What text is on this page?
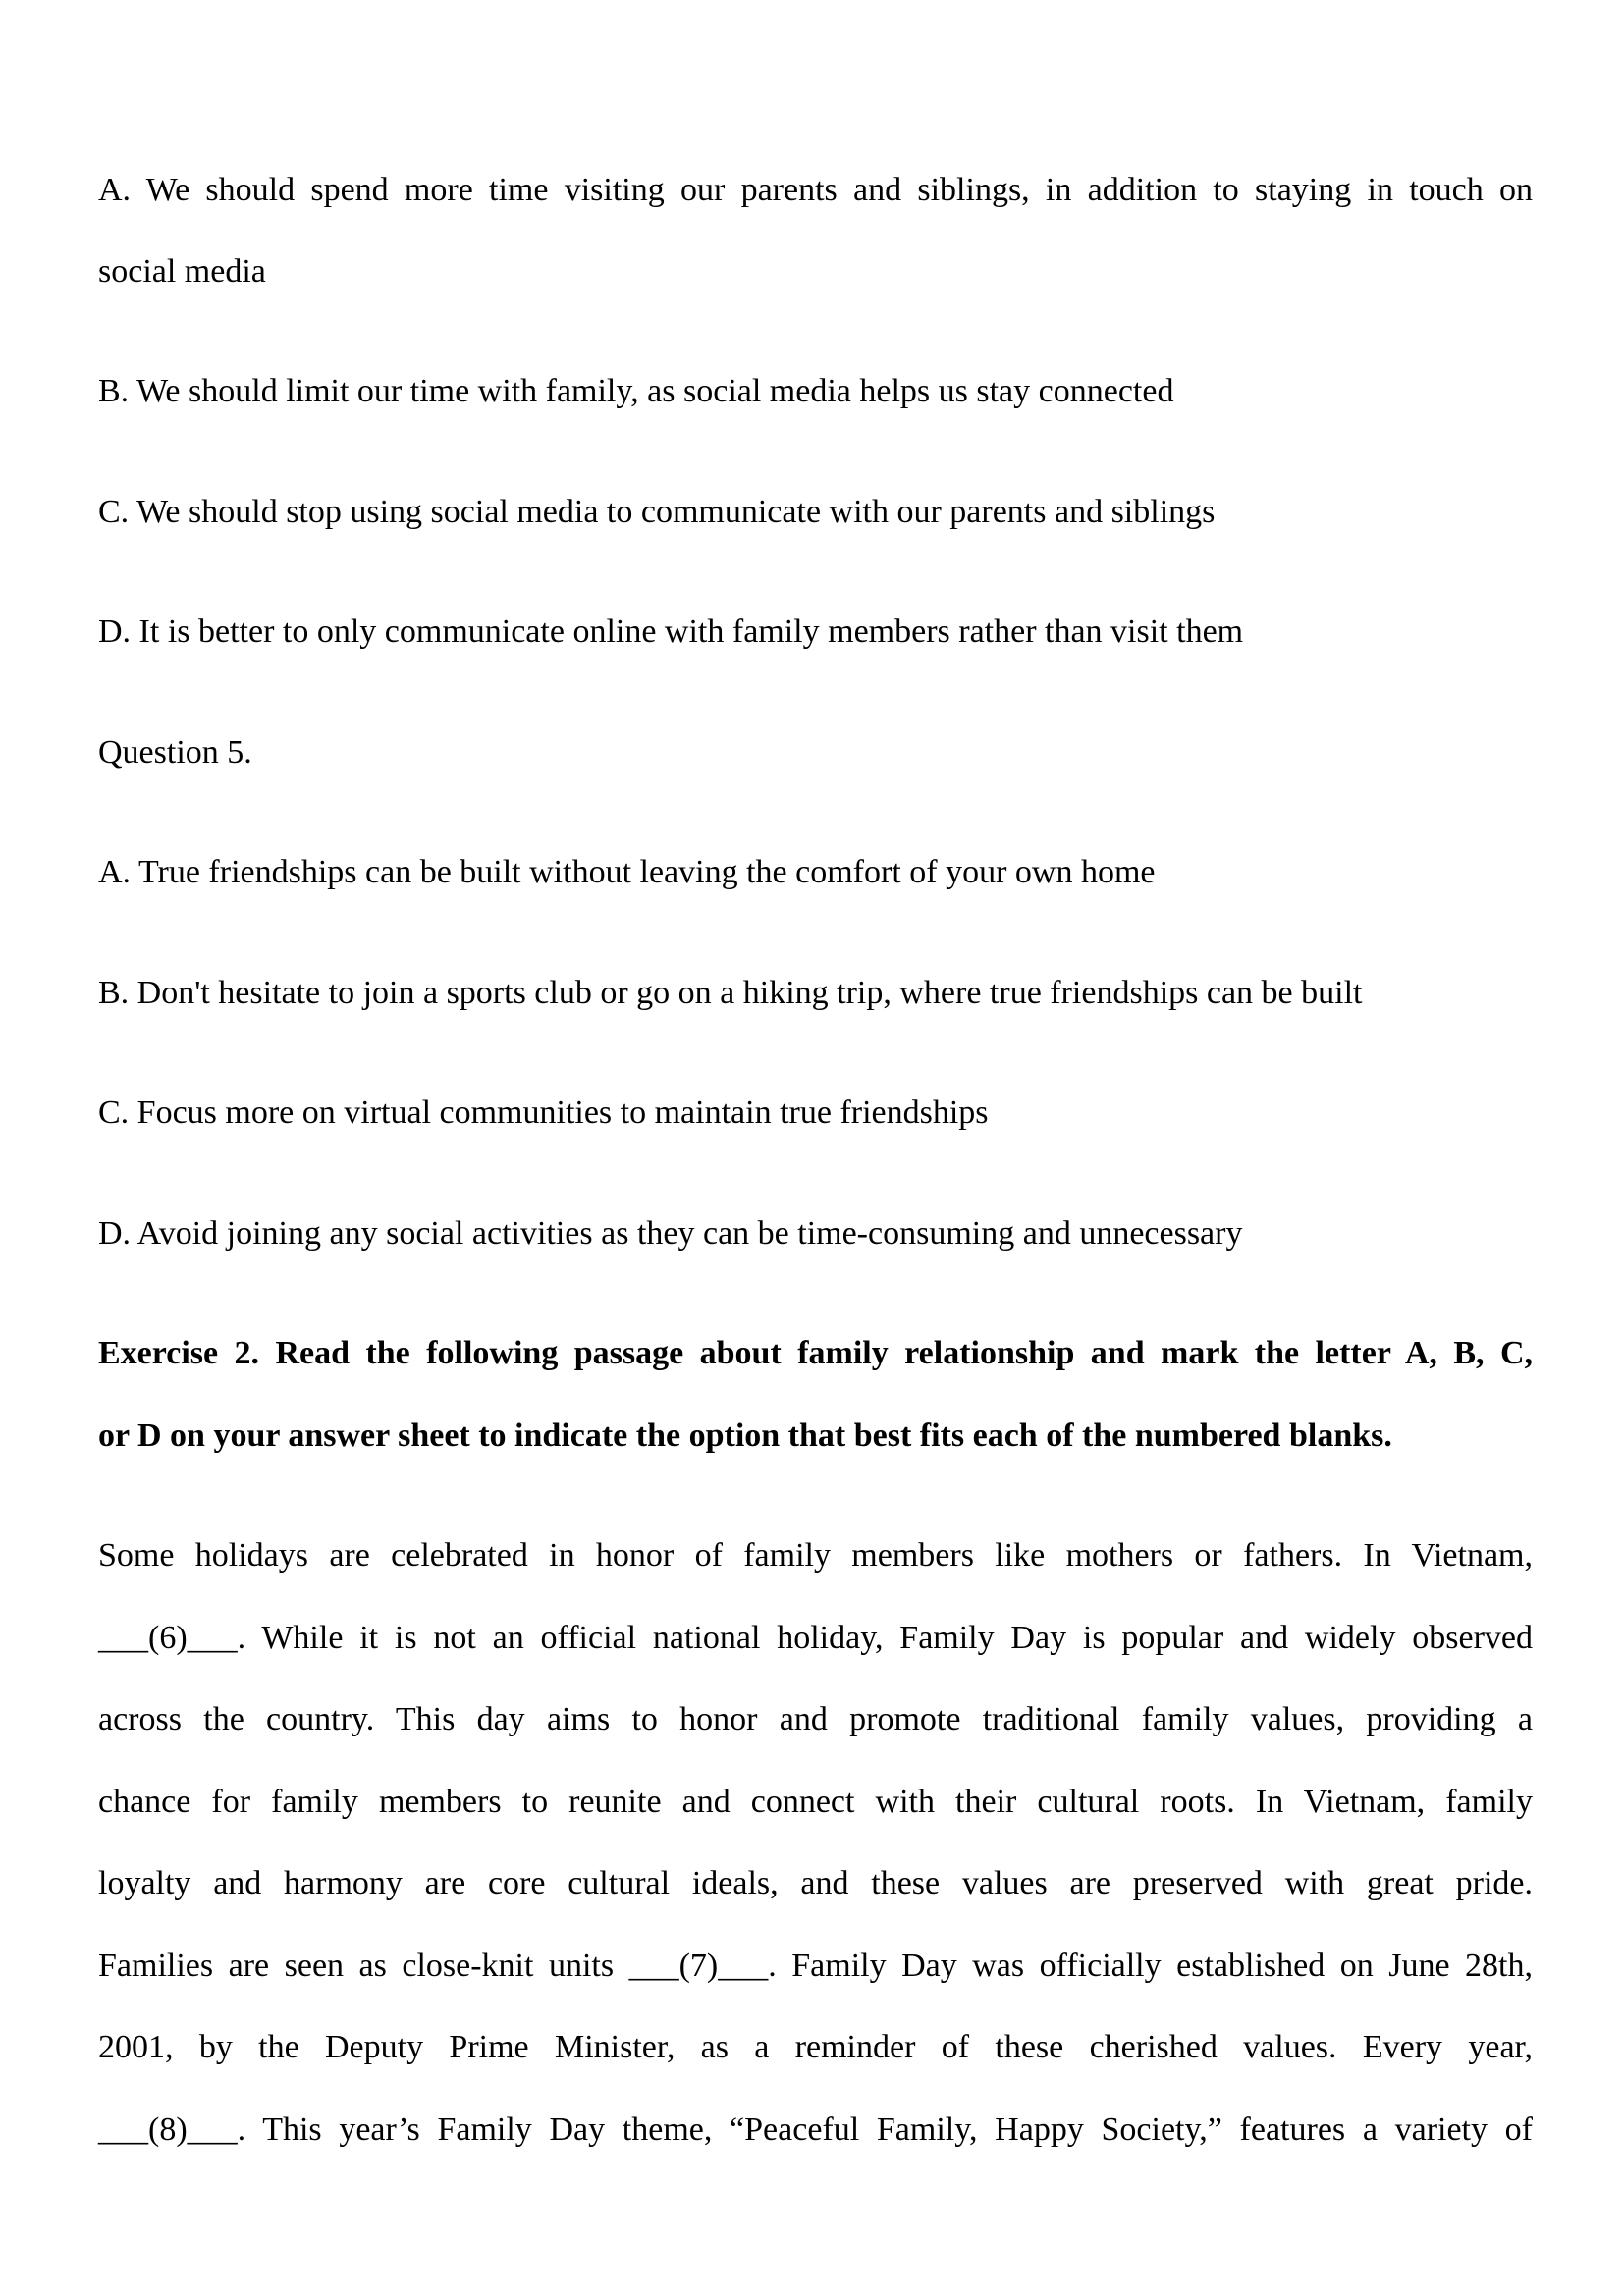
A. We should spend more time visiting our parents and siblings, in addition to staying in touch on
social media
B. We should limit our time with family, as social media helps us stay connected
C. We should stop using social media to communicate with our parents and siblings
D. It is better to only communicate online with family members rather than visit them
Question 5.
A. True friendships can be built without leaving the comfort of your own home
B. Don't hesitate to join a sports club or go on a hiking trip, where true friendships can be built
C. Focus more on virtual communities to maintain true friendships
D. Avoid joining any social activities as they can be time-consuming and unnecessary
Exercise 2. Read the following passage about family relationship and mark the letter A, B, C,
or D on your answer sheet to indicate the option that best fits each of the numbered blanks.
Some holidays are celebrated in honor of family members like mothers or fathers. In Vietnam,
___(6)___. While it is not an official national holiday, Family Day is popular and widely observed
across the country. This day aims to honor and promote traditional family values, providing a
chance for family members to reunite and connect with their cultural roots. In Vietnam, family
loyalty and harmony are core cultural ideals, and these values are preserved with great pride.
Families are seen as close-knit units ___(7)___. Family Day was officially established on June 28th,
2001, by the Deputy Prime Minister, as a reminder of these cherished values. Every year,
___(8)___. This year’s Family Day theme, “Peaceful Family, Happy Society,” features a variety of
